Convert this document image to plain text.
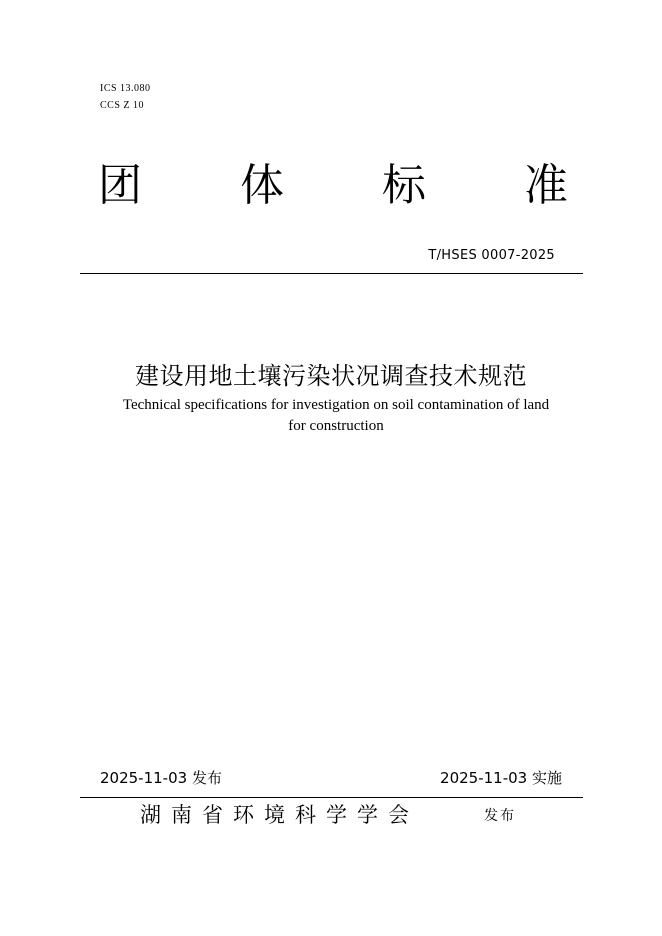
ICS 13.080
CCS Z 10
团 体 标 准
T/HSES 0007-2025
建设用地土壤污染状况调查技术规范
Technical specifications for investigation on soil contamination of land
for construction
2025-11-03 发布	2025-11-03 实施
湖南省环境科学学会	发布
